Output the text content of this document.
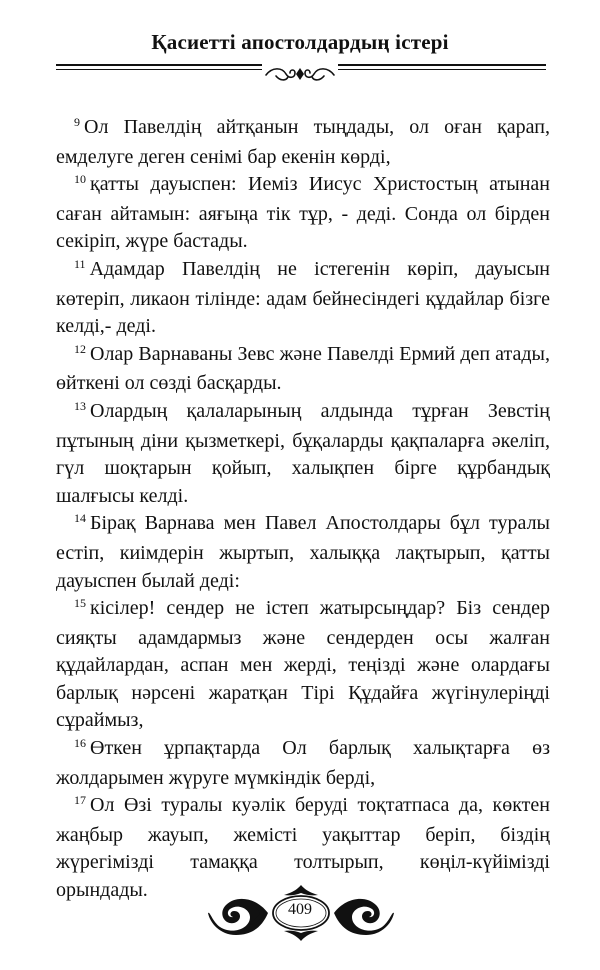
Қасиетті апостолдардың істері

$^9$ Ол Павелдің айтқанын тыңдады, ол оған қарап, емделуге деген сенімі бар екенін көрді,

$^{10}$ қатты дауыспен: Иеміз Иисус Христостың атынан саған айтамын: аяғыңа тік тұр, - деді. Сонда ол бірден секіріп, жүре бастады.

$^{11}$ Адамдар Павелдің не істегенін көріп, дауысын көтеріп, ликаон тілінде: адам бейнесіндегі құдайлар бізге келді,- деді.

$^{12}$ Олар Варнаваны Зевс және Павелді Ермий деп атады, өйткені ол сөзді басқарды.

$^{13}$ Олардың қалаларының алдында тұрған Зевстің пұтының діни қызметкері, бұқаларды қақпаларға әкеліп, гүл шоқтарын қойып, халықпен бірге құрбандық шалғысы келді.

$^{14}$ Бірақ Варнава мен Павел Апостолдары бұл туралы естіп, киімдерін жыртып, халыққа лақтырып, қатты дауыспен былай деді:

$^{15}$ кісілер! сендер не істеп жатырсыңдар? Біз сендер сияқты адамдармыз және сендерден осы жалған құдайлардан, аспан мен жерді, теңізді және олардағы барлық нәрсені жаратқан Тірі Құдайға жүгінулеріңді сұраймыз,

$^{16}$ Өткен ұрпақтарда Ол барлық халықтарға өз жолдарымен жүруге мүмкіндік берді,

$^{17}$ Ол Өзі туралы куәлік беруді тоқтатпаса да, көктен жаңбыр жауып, жемісті уақыттар беріп, біздің жүрегімізді тамаққа толтырып, көңіл-күйімізді орындады.

409
